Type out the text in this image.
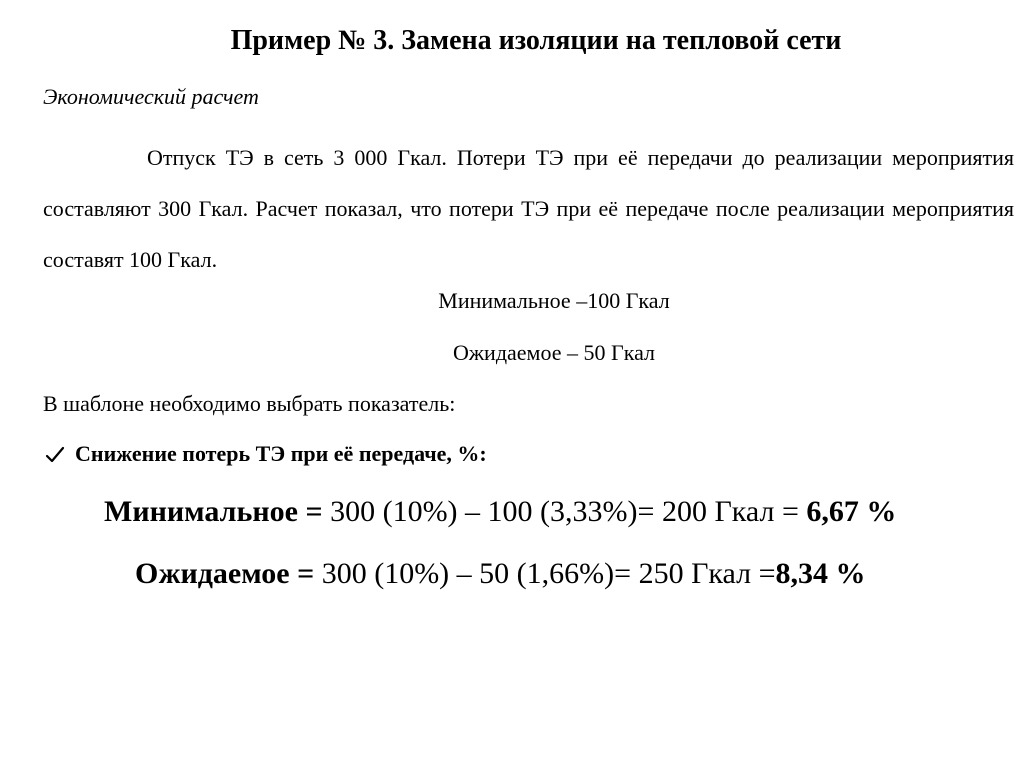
Пример № 3. Замена изоляции на тепловой сети
Экономический расчет

Отпуск ТЭ в сеть 3 000 Гкал. Потери ТЭ при её передачи до реализации мероприятия составляют 300 Гкал. Расчет показал, что потери ТЭ при её передаче после реализации мероприятия составят 100 Гкал.

Минимальное –100 Гкал
Ожидаемое – 50 Гкал
В шаблоне необходимо выбрать показатель:
Снижение потерь ТЭ при её передаче, %:
Минимальное = 300 (10%) – 100 (3,33%)= 200 Гкал = 6,67 %
Ожидаемое = 300 (10%) – 50 (1,66%)= 250 Гкал =8,34 %
